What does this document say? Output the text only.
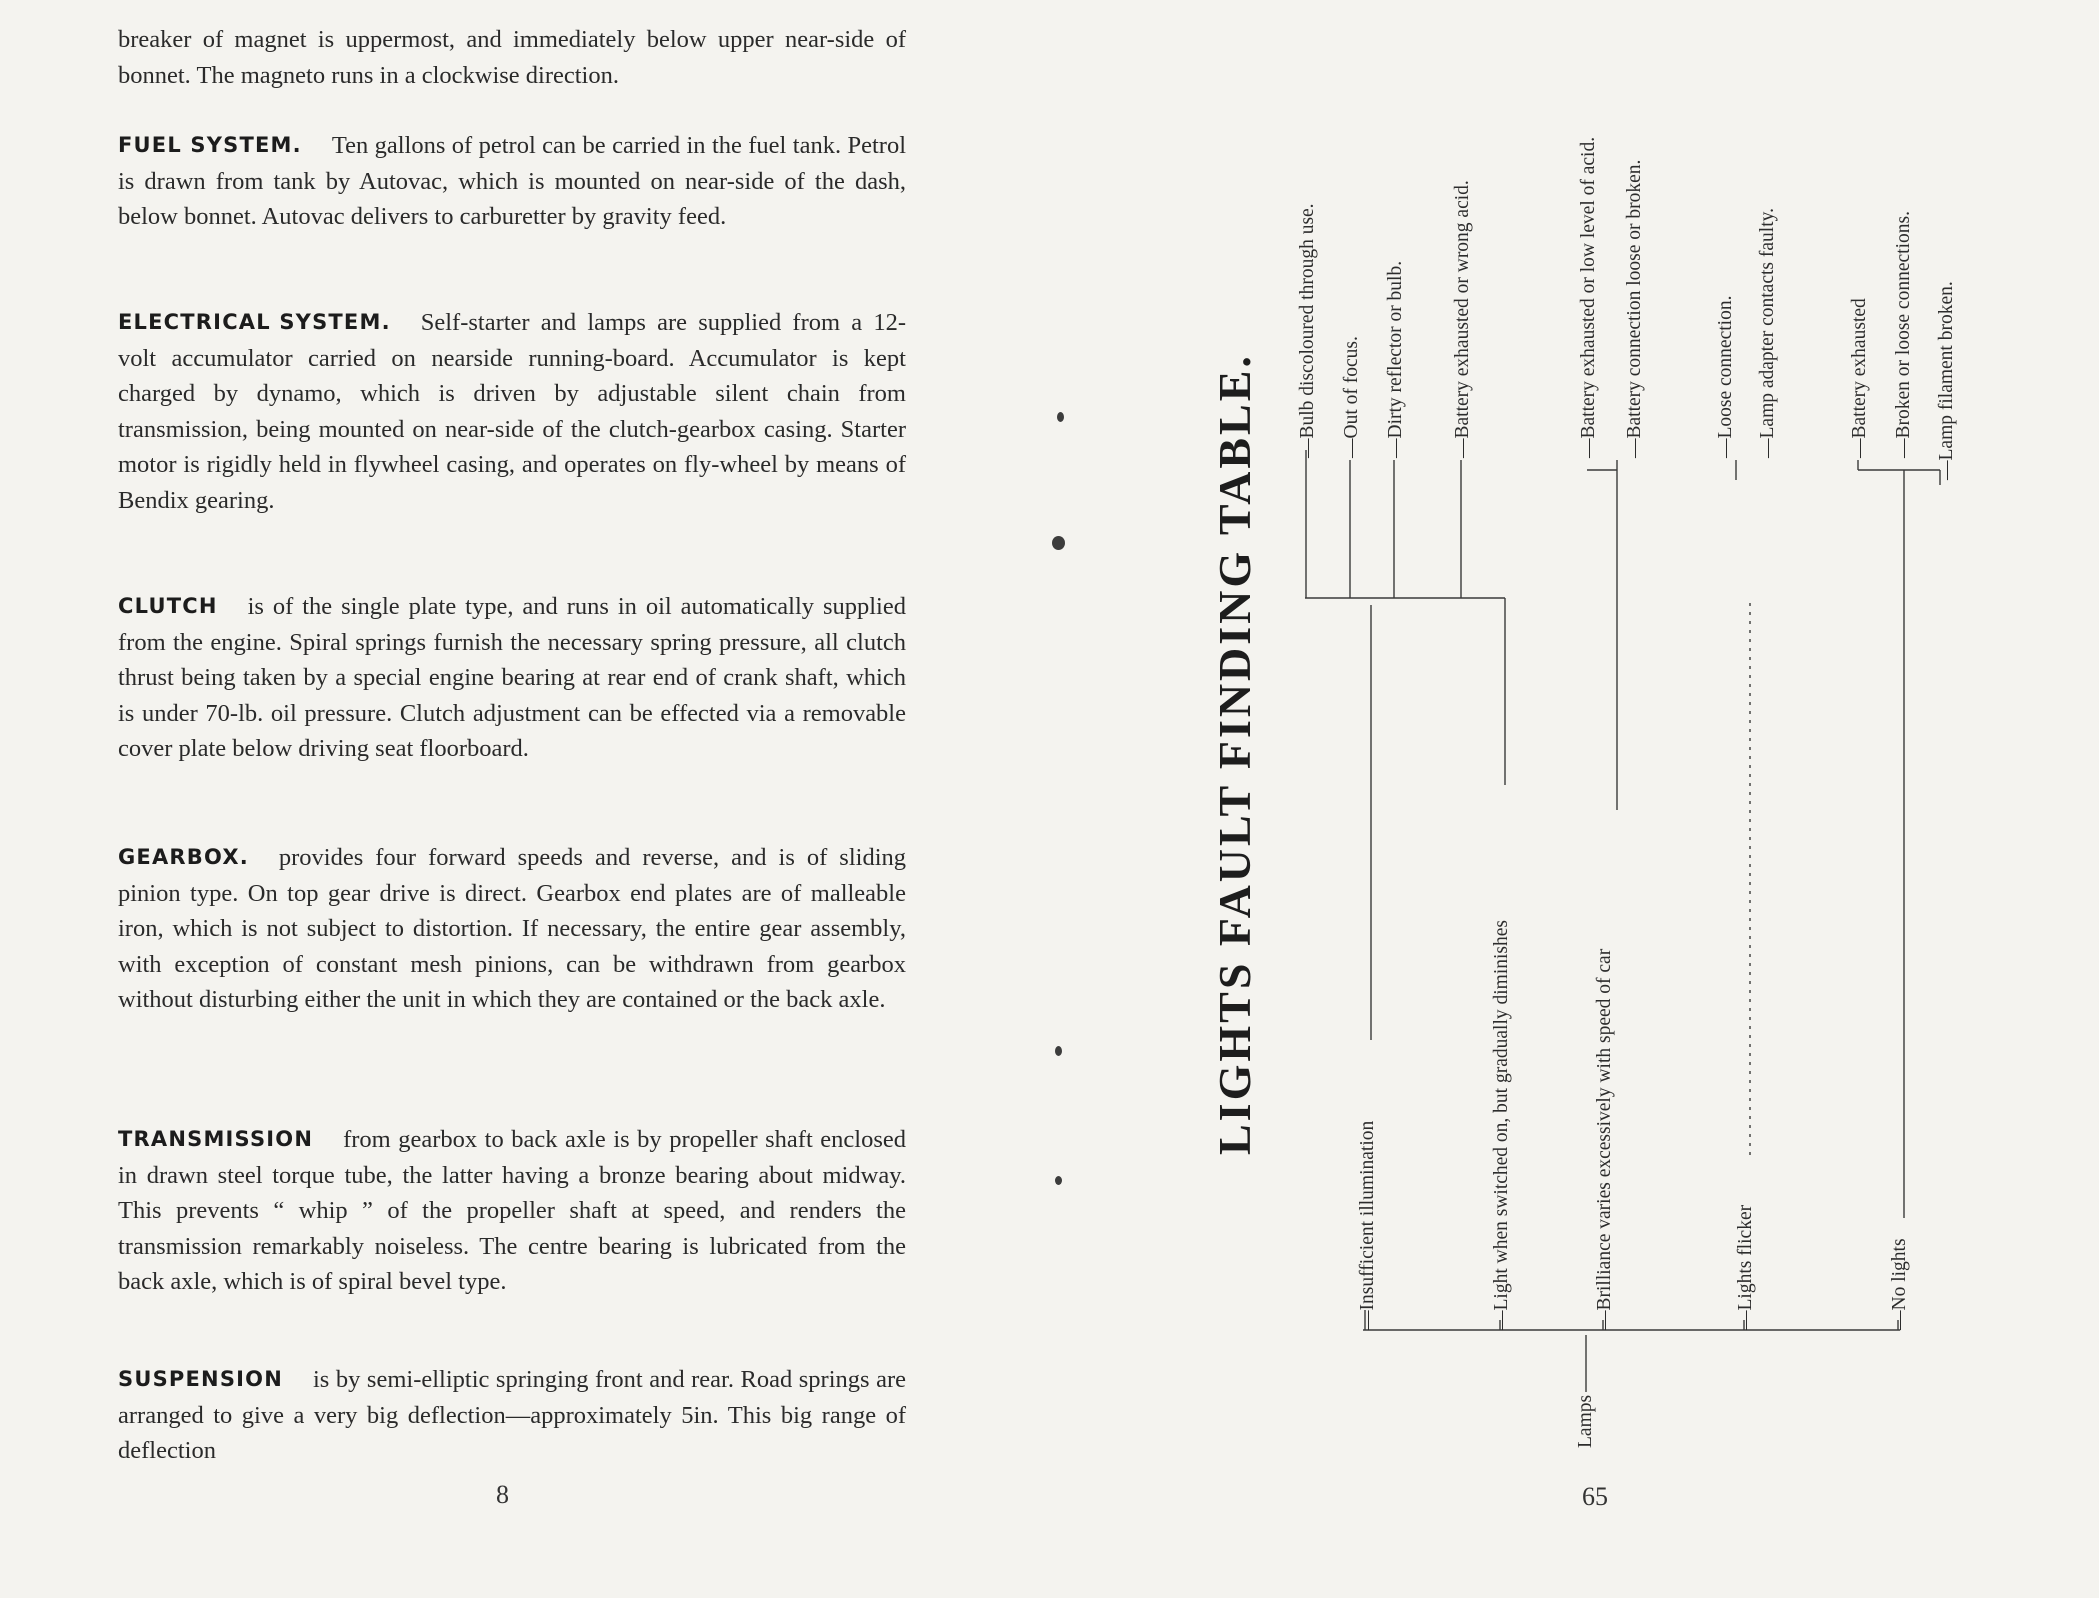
breaker of magnet is uppermost, and immediately below upper near-side of bonnet. The magneto runs in a clockwise direction.

FUEL SYSTEM. Ten gallons of petrol can be carried in the fuel tank. Petrol is drawn from tank by Autovac, which is mounted on near-side of the dash, below bonnet. Autovac delivers to carburetter by gravity feed.

ELECTRICAL SYSTEM. Self-starter and lamps are supplied from a 12-volt accumulator carried on nearside running-board. Accumulator is kept charged by dynamo, which is driven by adjustable silent chain from transmission, being mounted on near-side of the clutch-gearbox casing. Starter motor is rigidly held in flywheel casing, and operates on fly-wheel by means of Bendix gearing.

CLUTCH is of the single plate type, and runs in oil automatically supplied from the engine. Spiral springs furnish the necessary spring pressure, all clutch thrust being taken by a special engine bearing at rear end of crank shaft, which is under 70-lb. oil pressure. Clutch adjustment can be effected via a removable cover plate below driving seat floorboard.

GEARBOX. provides four forward speeds and reverse, and is of sliding pinion type. On top gear drive is direct. Gearbox end plates are of malleable iron, which is not subject to distortion. If necessary, the entire gear assembly, with exception of constant mesh pinions, can be withdrawn from gearbox without disturbing either the unit in which they are contained or the back axle.

TRANSMISSION from gearbox to back axle is by propeller shaft enclosed in drawn steel torque tube, the latter having a bronze bearing about midway. This prevents “ whip ” of the propeller shaft at speed, and renders the transmission remarkably noiseless. The centre bearing is lubricated from the back axle, which is of spiral bevel type.

SUSPENSION is by semi-elliptic springing front and rear. Road springs are arranged to give a very big deflection—approximately 5in. This big range of deflection

8
LIGHTS FAULT FINDING TABLE.
Lamps
—Insufficient illumination
—Light when switched on, but gradually diminishes
—Brilliance varies excessively with speed of car
—Lights flicker
—No lights
—Bulb discoloured through use.
—Out of focus.
—Dirty reflector or bulb.
—Battery exhausted or wrong acid.
—Battery exhausted or low level of acid.
—Battery connection loose or broken.
—Loose connection.
—Lamp adapter contacts faulty.
—Battery exhausted
—Broken or loose connections.
—Lamp filament broken.
65
